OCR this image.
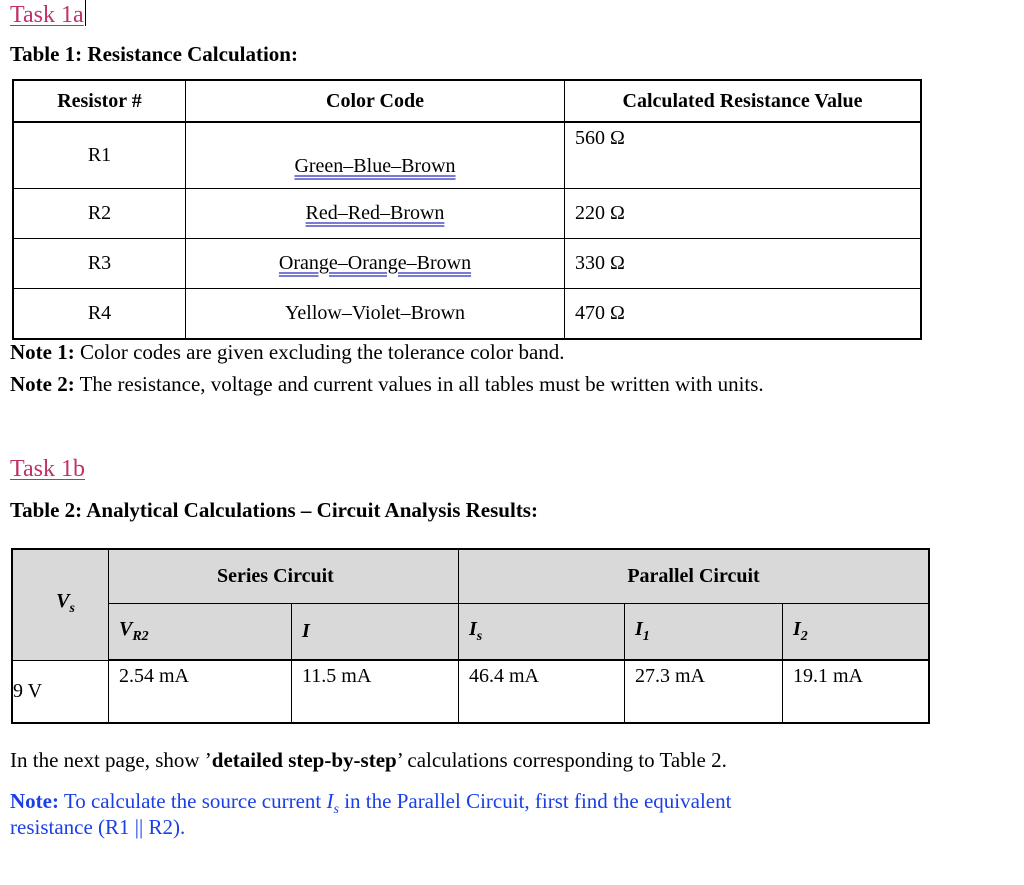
Task 1a
Table 1: Resistance Calculation:
Resistor #	Color Code	Calculated Resistance Value
R1	Green–Blue–Brown	560 Ω
R2	Red–Red–Brown	220 Ω
R3	Orange–Orange–Brown	330 Ω
R4	Yellow–Violet–Brown	470 Ω
Note 1: Color codes are given excluding the tolerance color band.
Note 2: The resistance, voltage and current values in all tables must be written with units.
Task 1b
Table 2: Analytical Calculations – Circuit Analysis Results:
$V_s$	Series Circuit		Parallel Circuit		
	$V_{R2}$	I	$I_s$	$I_1$	$I_2$
9 V	2.54 mA	11.5 mA	46.4 mA	27.3 mA	19.1 mA
In the next page, show ’detailed step-by-step’ calculations corresponding to Table 2.
Note: To calculate the source current $I_s$ in the Parallel Circuit, first find the equivalent
resistance (R1 || R2).
